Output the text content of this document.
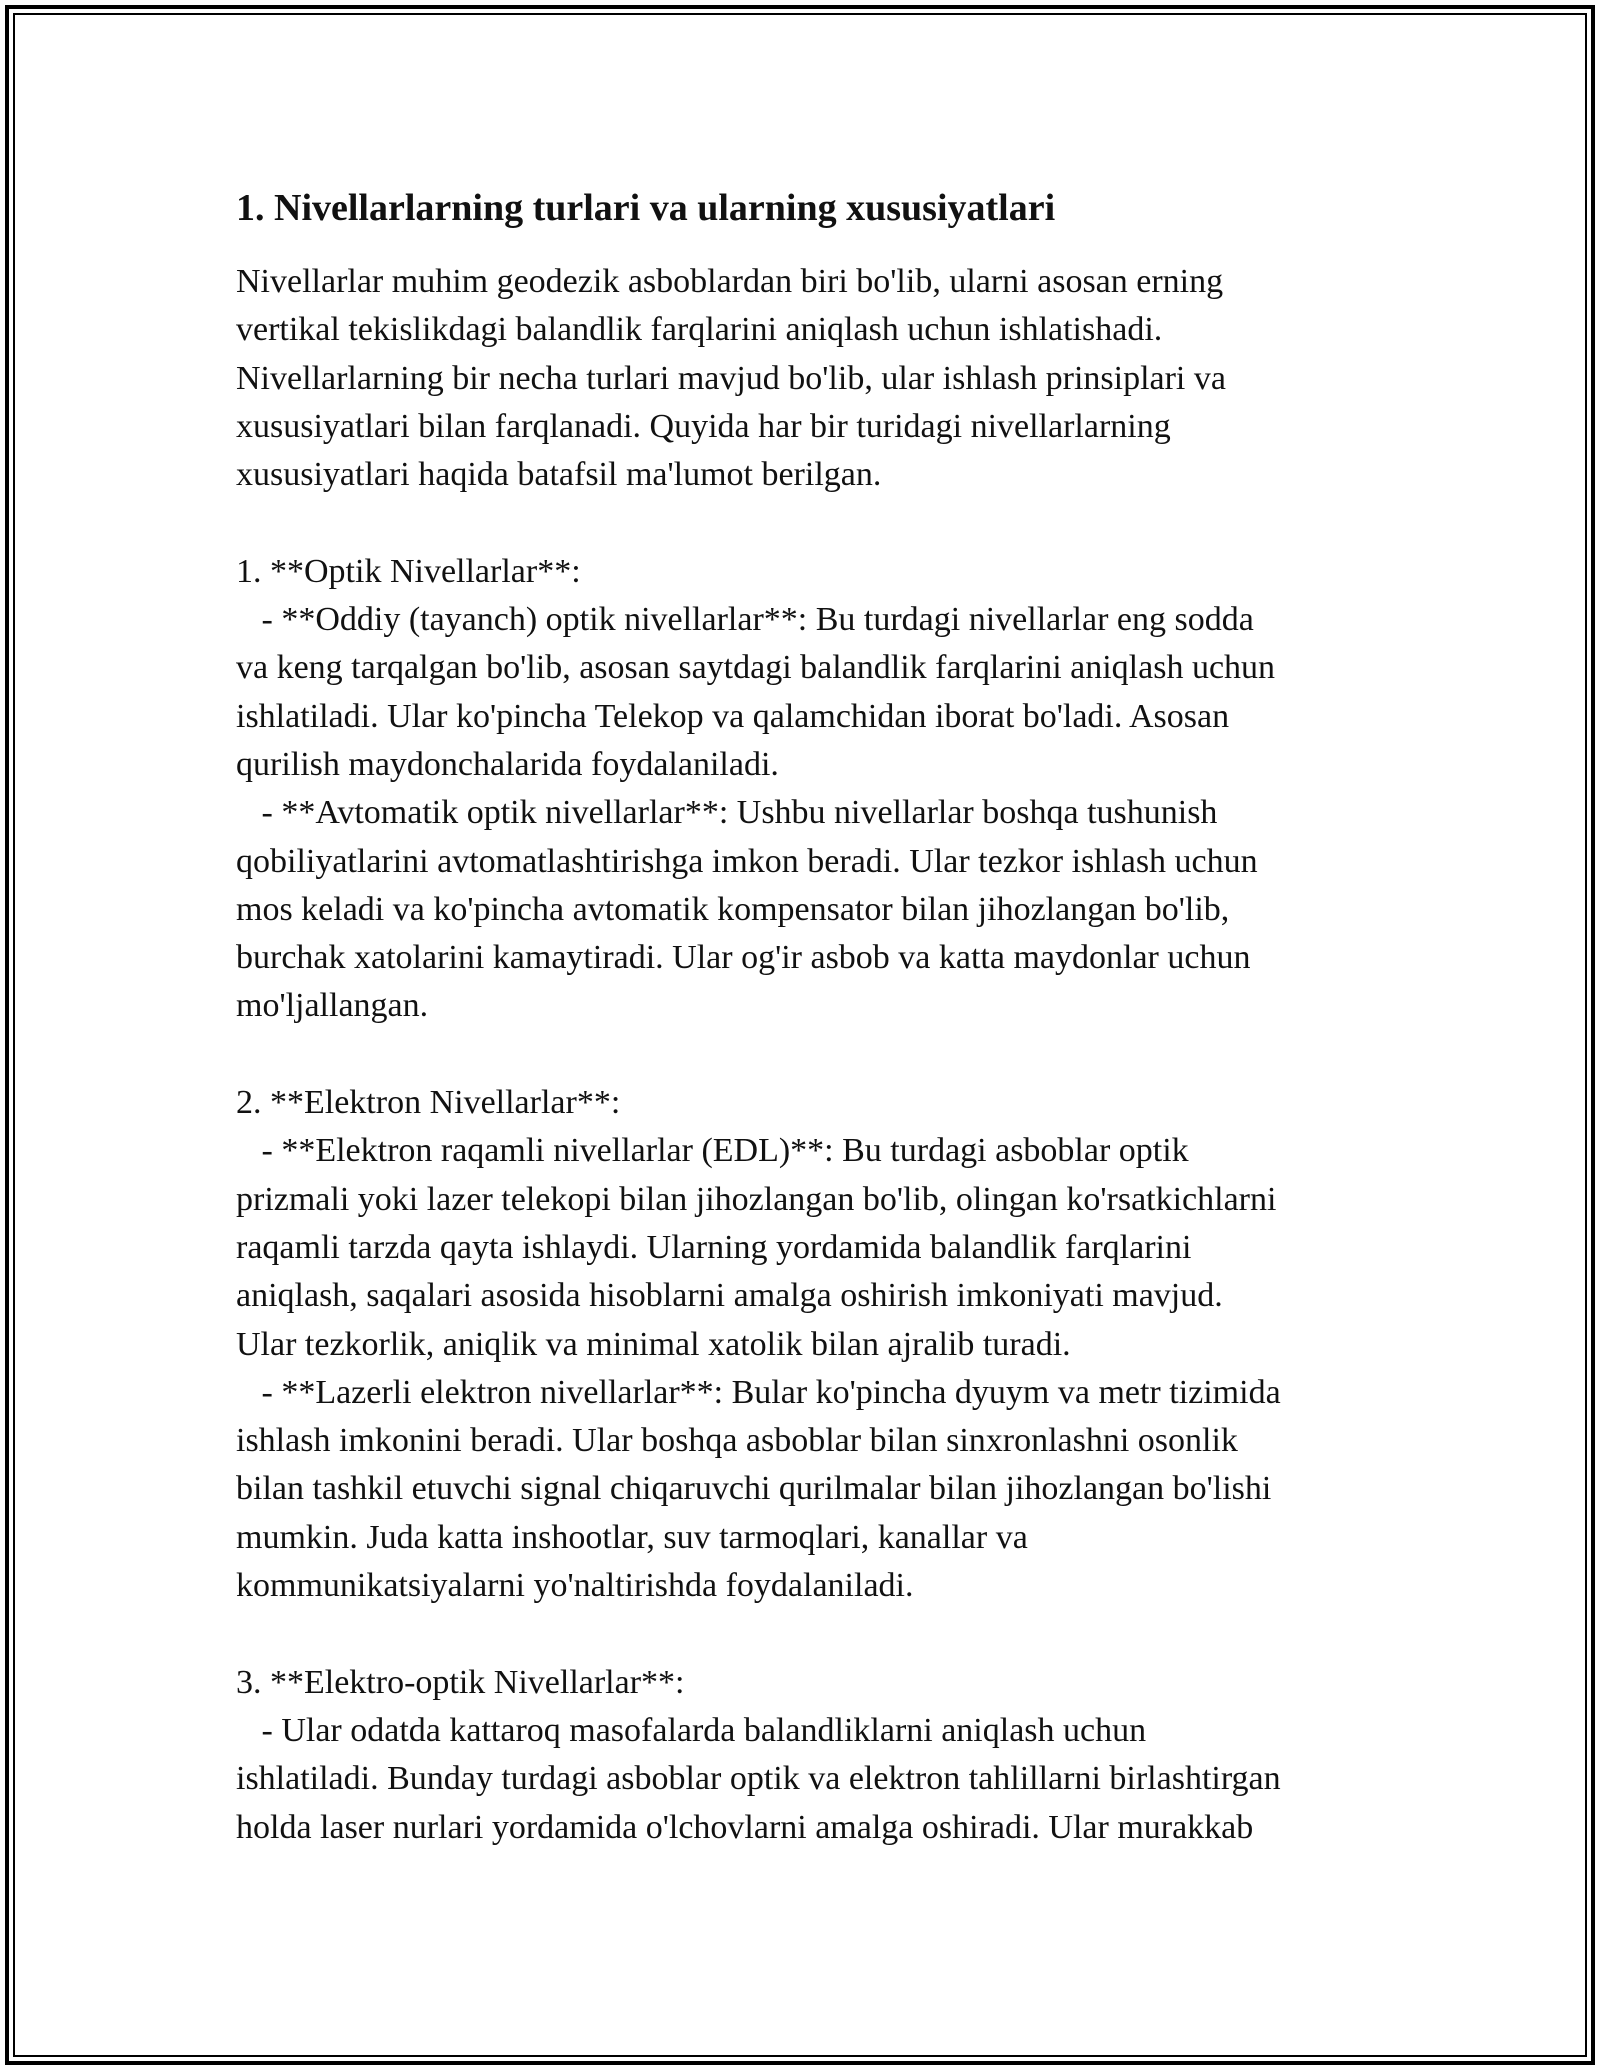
1. Nivellarlarning turlari va ularning xususiyatlari
Nivellarlar muhim geodezik asboblardan biri bo'lib, ularni asosan erning
vertikal tekislikdagi balandlik farqlarini aniqlash uchun ishlatishadi.
Nivellarlarning bir necha turlari mavjud bo'lib, ular ishlash prinsiplari va
xususiyatlari bilan farqlanadi. Quyida har bir turidagi nivellarlarning
xususiyatlari haqida batafsil ma'lumot berilgan.
1. **Optik Nivellarlar**:
- **Oddiy (tayanch) optik nivellarlar**: Bu turdagi nivellarlar eng sodda
va keng tarqalgan bo'lib, asosan saytdagi balandlik farqlarini aniqlash uchun
ishlatiladi. Ular ko'pincha Telekop va qalamchidan iborat bo'ladi. Asosan
qurilish maydonchalarida foydalaniladi.
- **Avtomatik optik nivellarlar**: Ushbu nivellarlar boshqa tushunish
qobiliyatlarini avtomatlashtirishga imkon beradi. Ular tezkor ishlash uchun
mos keladi va ko'pincha avtomatik kompensator bilan jihozlangan bo'lib,
burchak xatolarini kamaytiradi. Ular og'ir asbob va katta maydonlar uchun
mo'ljallangan.
2. **Elektron Nivellarlar**:
- **Elektron raqamli nivellarlar (EDL)**: Bu turdagi asboblar optik
prizmali yoki lazer telekopi bilan jihozlangan bo'lib, olingan ko'rsatkichlarni
raqamli tarzda qayta ishlaydi. Ularning yordamida balandlik farqlarini
aniqlash, saqalari asosida hisoblarni amalga oshirish imkoniyati mavjud.
Ular tezkorlik, aniqlik va minimal xatolik bilan ajralib turadi.
- **Lazerli elektron nivellarlar**: Bular ko'pincha dyuym va metr tizimida
ishlash imkonini beradi. Ular boshqa asboblar bilan sinxronlashni osonlik
bilan tashkil etuvchi signal chiqaruvchi qurilmalar bilan jihozlangan bo'lishi
mumkin. Juda katta inshootlar, suv tarmoqlari, kanallar va
kommunikatsiyalarni yo'naltirishda foydalaniladi.
3. **Elektro-optik Nivellarlar**:
- Ular odatda kattaroq masofalarda balandliklarni aniqlash uchun
ishlatiladi. Bunday turdagi asboblar optik va elektron tahlillarni birlashtirgan
holda laser nurlari yordamida o'lchovlarni amalga oshiradi. Ular murakkab
